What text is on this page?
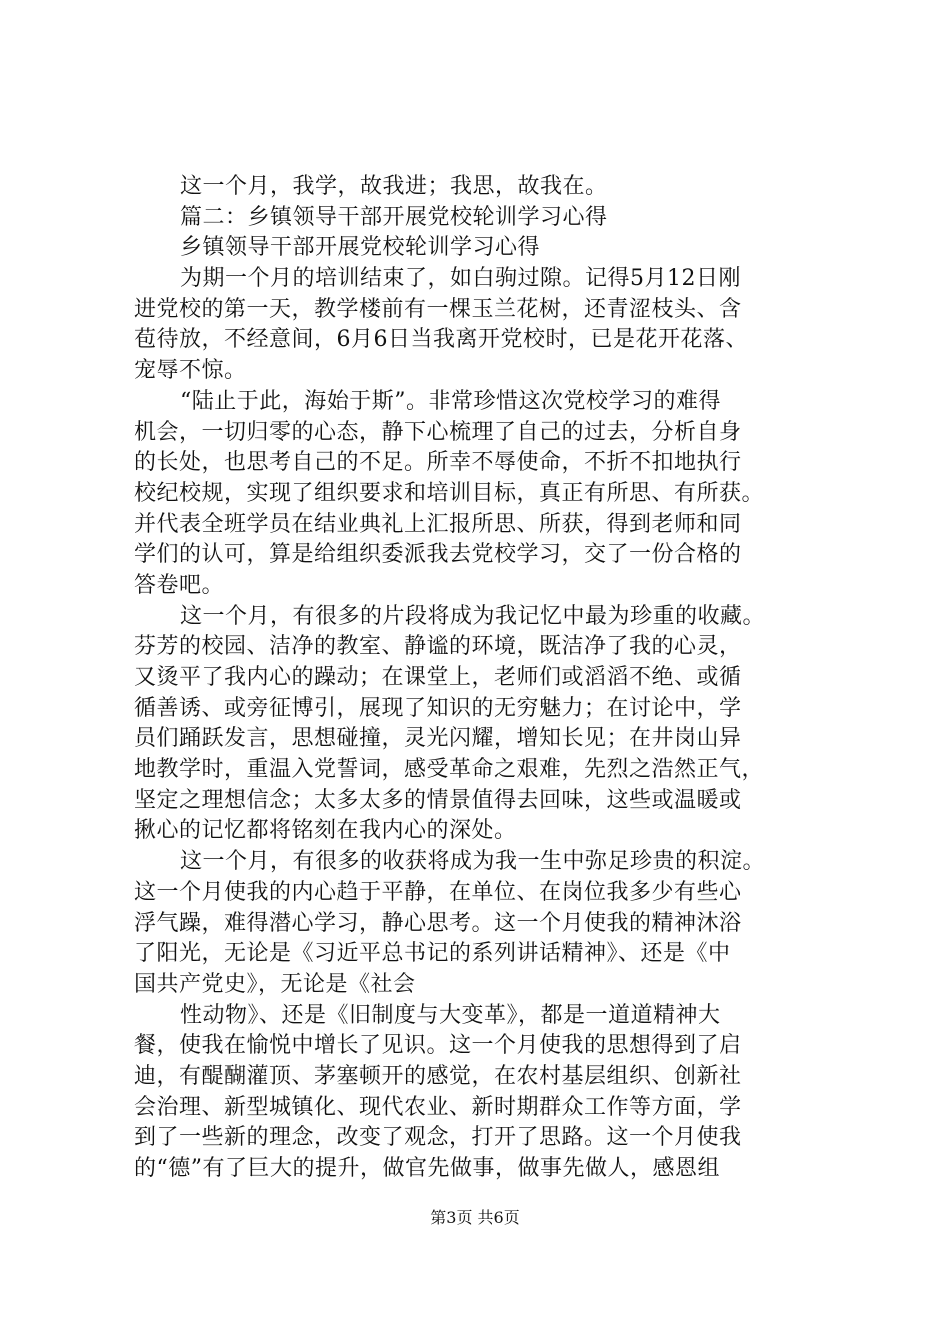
这一个月，我学，故我进；我思，故我在。
篇二：乡镇领导干部开展党校轮训学习心得
乡镇领导干部开展党校轮训学习心得
为期一个月的培训结束了，如白驹过隙。记得5月12日刚
进党校的第一天，教学楼前有一棵玉兰花树，还青涩枝头、含
苞待放，不经意间，6月6日当我离开党校时，已是花开花落、
宠辱不惊。
“陆止于此，海始于斯”。非常珍惜这次党校学习的难得
机会，一切归零的心态，静下心梳理了自己的过去，分析自身
的长处，也思考自己的不足。所幸不辱使命，不折不扣地执行
校纪校规，实现了组织要求和培训目标，真正有所思、有所获。
并代表全班学员在结业典礼上汇报所思、所获，得到老师和同
学们的认可，算是给组织委派我去党校学习，交了一份合格的
答卷吧。
这一个月，有很多的片段将成为我记忆中最为珍重的收藏。
芬芳的校园、洁净的教室、静谧的环境，既洁净了我的心灵，
又烫平了我内心的躁动；在课堂上，老师们或滔滔不绝、或循
循善诱、或旁征博引，展现了知识的无穷魅力；在讨论中，学
员们踊跃发言，思想碰撞，灵光闪耀，增知长见；在井岗山异
地教学时，重温入党誓词，感受革命之艰难，先烈之浩然正气，
坚定之理想信念；太多太多的情景值得去回味，这些或温暖或
揪心的记忆都将铭刻在我内心的深处。
这一个月，有很多的收获将成为我一生中弥足珍贵的积淀。
这一个月使我的内心趋于平静，在单位、在岗位我多少有些心
浮气躁，难得潜心学习，静心思考。这一个月使我的精神沐浴
了阳光，无论是《习近平总书记的系列讲话精神》、还是《中
国共产党史》，无论是《社会
性动物》、还是《旧制度与大变革》，都是一道道精神大
餐，使我在愉悦中增长了见识。这一个月使我的思想得到了启
迪，有醍醐灌顶、茅塞顿开的感觉，在农村基层组织、创新社
会治理、新型城镇化、现代农业、新时期群众工作等方面，学
到了一些新的理念，改变了观念，打开了思路。这一个月使我
的“德”有了巨大的提升，做官先做事，做事先做人，感恩组
第3页 共6页
